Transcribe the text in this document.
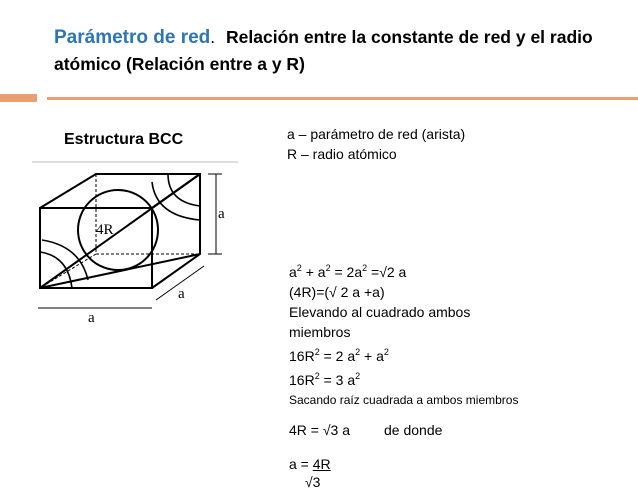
Parámetro de red. Relación entre la constante de red y el radio atómico (Relación entre a y R)
Estructura BCC	a – parámetro de red (arista)
R – radio atómico
4R
a
a
a
$a^2 + a^2 = 2a^2 =√2$ a
(4R)=(√ 2 a +a)
Elevando al cuadrado ambos
miembros
$16R^2 = 2$ $a^2 + a^2$
$16R^2 = 3$ $a^2$
Sacando raíz cuadrada a ambos miembros
4R = √3 a de donde
a = 4R
√3
